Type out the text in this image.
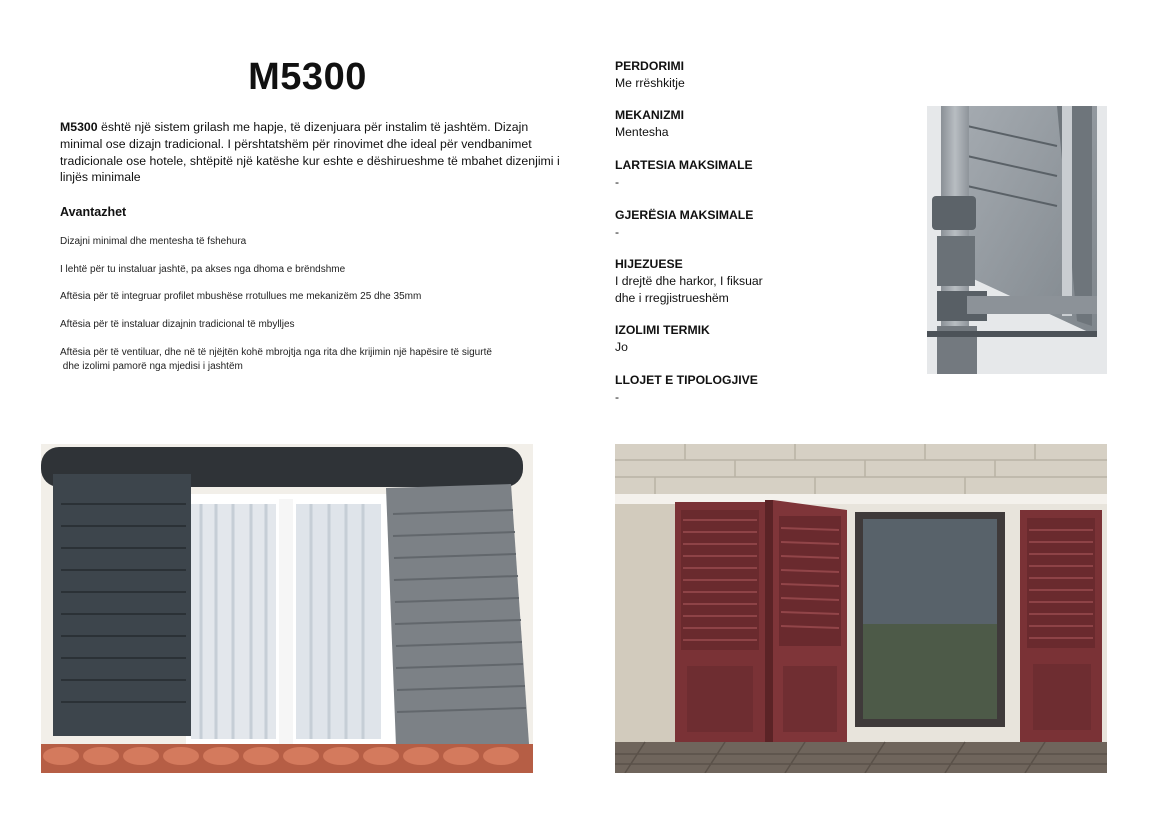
M5300
M5300 është një sistem grilash me hapje, të dizenjuara për instalim të jashtëm. Dizajn minimal ose dizajn tradicional. I përshtatshëm për rinovimet dhe ideal për vendbanimet tradicionale ose hotele, shtëpitë një katëshe kur eshte e dëshirueshme të mbahet dizenjimi i linjës minimale
Avantazhet
Dizajni minimal dhe mentesha të fshehura
I lehtë për tu instaluar jashtë, pa akses nga dhoma e brëndshme
Aftësia për të integruar profilet mbushëse rrotullues me mekanizëm 25 dhe 35mm
Aftësia për të instaluar dizajnin tradicional të mbylljes
Aftësia për të ventiluar, dhe në të njëjtën kohë mbrojtja nga rita dhe krijimin një hapësire të sigurtë
dhe izolimi pamorë nga mjedisi i jashtëm
PERDORIMI
Me rrëshkitje
MEKANIZMI
Mentesha
LARTESIA MAKSIMALE
-
GJERËSIA MAKSIMALE
-
HIJEZUESE
I drejtë dhe harkor, I fiksuar
dhe i rregjistrueshëm
IZOLIMI TERMIK
Jo
LLOJET E TIPOLOGJIVE
-
